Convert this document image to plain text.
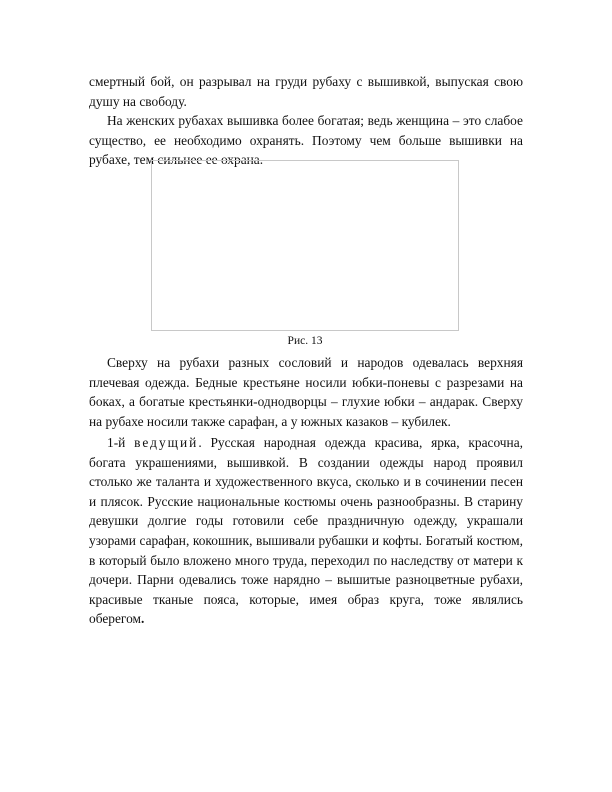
смертный бой, он разрывал на груди рубаху с вышивкой, выпуская свою душу на свободу.

На женских рубахах вышивка более богатая; ведь женщина – это слабое существо, ее необходимо охранять. Поэтому чем больше вышивки на рубахе, тем сильнее ее охрана.

Рис. 13

Сверху на рубахи разных сословий и народов одевалась верхняя плечевая одежда. Бедные крестьяне носили юбки-поневы с разрезами на боках, а богатые крестьянки-однодворцы – глухие юбки – андарак. Сверху на рубахе носили также сарафан, а у южных казаков – кубилек.

1-й ведущий. Русская народная одежда красива, ярка, красочна, богата украшениями, вышивкой. В создании одежды народ проявил столько же таланта и художественного вкуса, сколько и в сочинении песен и плясок. Русские национальные костюмы очень разнообразны. В старину девушки долгие годы готовили себе праздничную одежду, украшали узорами сарафан, кокошник, вышивали рубашки и кофты. Богатый костюм, в который было вложено много труда, переходил по наследству от матери к дочери. Парни одевались тоже нарядно – вышитые разноцветные рубахи, красивые тканые пояса, которые, имея образ круга, тоже являлись оберегом.
